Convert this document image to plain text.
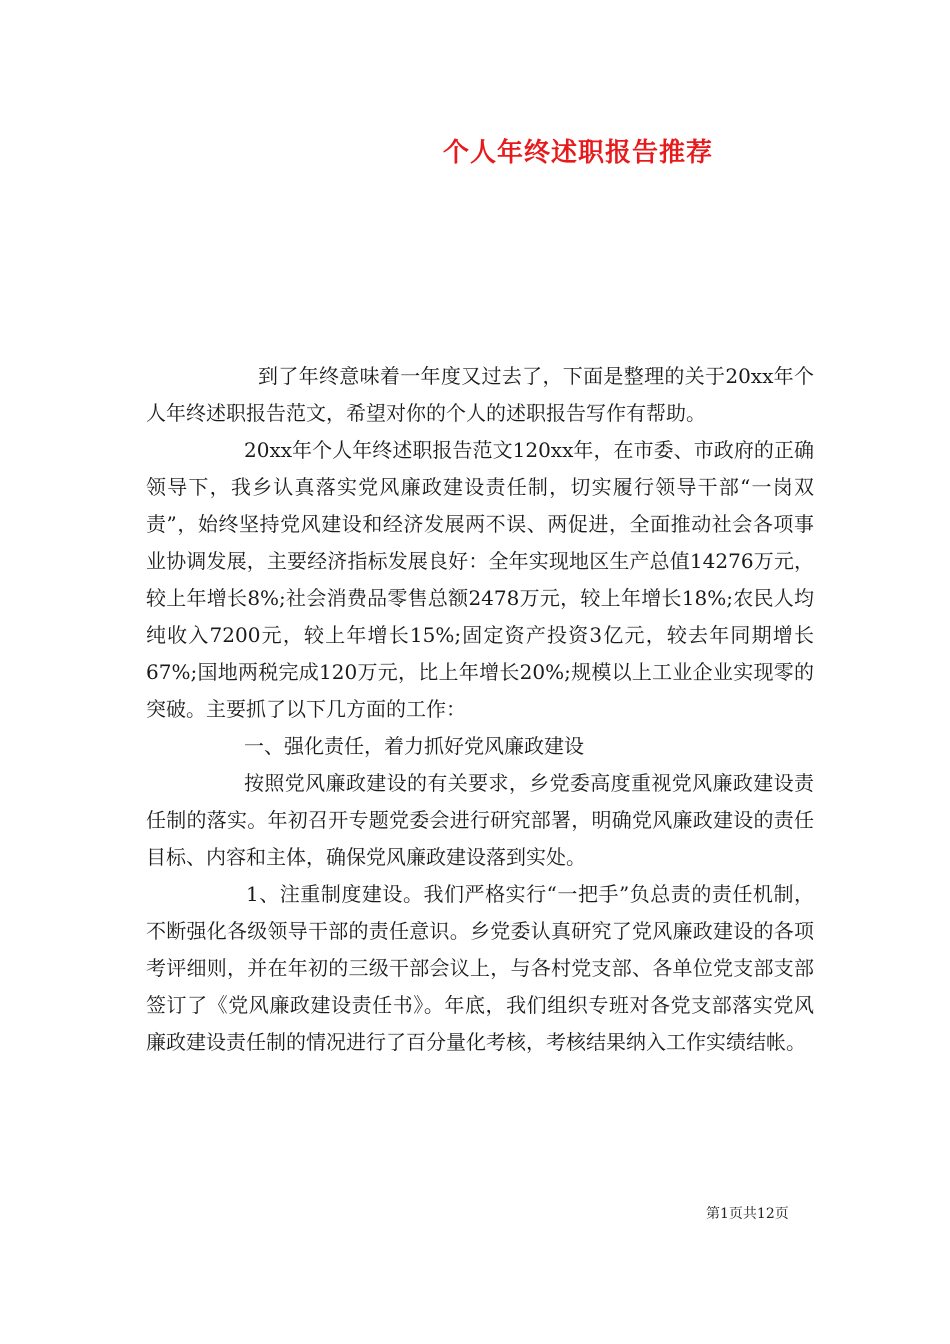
个人年终述职报告推荐

到了年终意味着一年度又过去了，下面是整理的关于20xx年个人年终述职报告范文，希望对你的个人的述职报告写作有帮助。

20xx年个人年终述职报告范文120xx年，在市委、市政府的正确领导下，我乡认真落实党风廉政建设责任制，切实履行领导干部“一岗双责”，始终坚持党风建设和经济发展两不误、两促进，全面推动社会各项事业协调发展，主要经济指标发展良好：全年实现地区生产总值14276万元，较上年增长8%;社会消费品零售总额2478万元，较上年增长18%;农民人均纯收入7200元，较上年增长15%;固定资产投资3亿元，较去年同期增长67%;国地两税完成120万元，比上年增长20%;规模以上工业企业实现零的突破。主要抓了以下几方面的工作：

一、强化责任，着力抓好党风廉政建设

按照党风廉政建设的有关要求，乡党委高度重视党风廉政建设责任制的落实。年初召开专题党委会进行研究部署，明确党风廉政建设的责任目标、内容和主体，确保党风廉政建设落到实处。

1、注重制度建设。我们严格实行“一把手”负总责的责任机制，不断强化各级领导干部的责任意识。乡党委认真研究了党风廉政建设的各项考评细则，并在年初的三级干部会议上，与各村党支部、各单位党支部支部签订了《党风廉政建设责任书》。年底，我们组织专班对各党支部落实党风廉政建设责任制的情况进行了百分量化考核，考核结果纳入工作实绩结帐。

第1页共12页
